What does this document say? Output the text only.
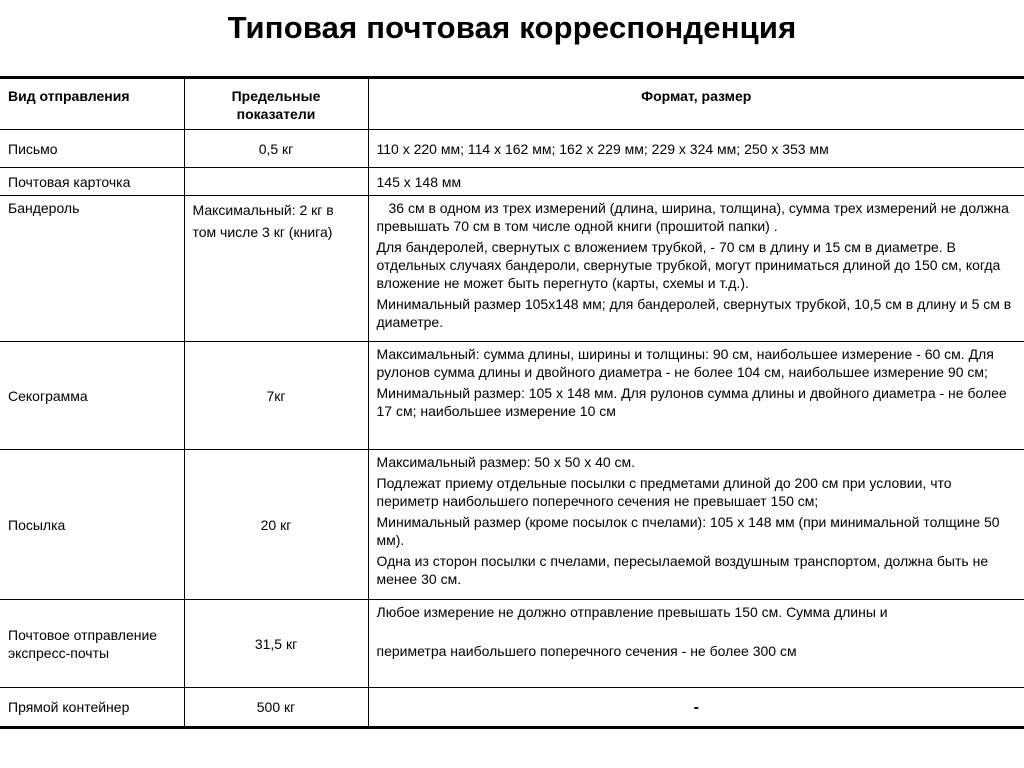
Типовая почтовая корреспонденция
Вид отправления	Предельные показатели	Формат, размер
Письмо	0,5 кг	110 x 220 мм; 114 x 162 мм; 162 x 229 мм; 229 x 324 мм; 250 x 353 мм

Почтовая карточка		145 x 148 мм

Бандероль	Максимальный: 2 кг в том числе 3 кг (книга)	36 см в одном из трех измерений (длина, ширина, толщина), сумма трех измерений не должна превышать 70 см в том числе одной книги (прошитой папки) .
Для бандеролей, свернутых с вложением трубкой, - 70 см в длину и 15 см в диаметре. В отдельных случаях бандероли, свернутые трубкой, могут приниматься длиной до 150 см, когда вложение не может быть перегнуто (карты, схемы и т.д.).
Минимальный размер 105х148 мм; для бандеролей, свернутых трубкой, 10,5 см в длину и 5 см в диаметре.

Секограмма	7кг	Максимальный: сумма длины, ширины и толщины: 90 см, наибольшее измерение - 60 см. Для рулонов сумма длины и двойного диаметра - не более 104 см, наибольшее измерение 90 см;
Минимальный размер: 105 х 148 мм. Для рулонов сумма длины и двойного диаметра - не более 17 см; наибольшее измерение 10 см

Посылка	20 кг	Максимальный размер: 50 х 50 х 40 см.
Подлежат приему отдельные посылки с предметами длиной до 200 см при условии, что периметр наибольшего поперечного сечения не превышает 150 см;
Минимальный размер (кроме посылок с пчелами): 105 х 148 мм (при минимальной толщине 50 мм).
Одна из сторон посылки с пчелами, пересылаемой воздушным транспортом, должна быть не менее 30 см.

Почтовое отправление экспресс-почты	31,5 кг	Любое измерение не должно отправление превышать 150 см. Сумма длины и
периметра наибольшего поперечного сечения - не более 300 см

Прямой контейнер	500 кг	-
